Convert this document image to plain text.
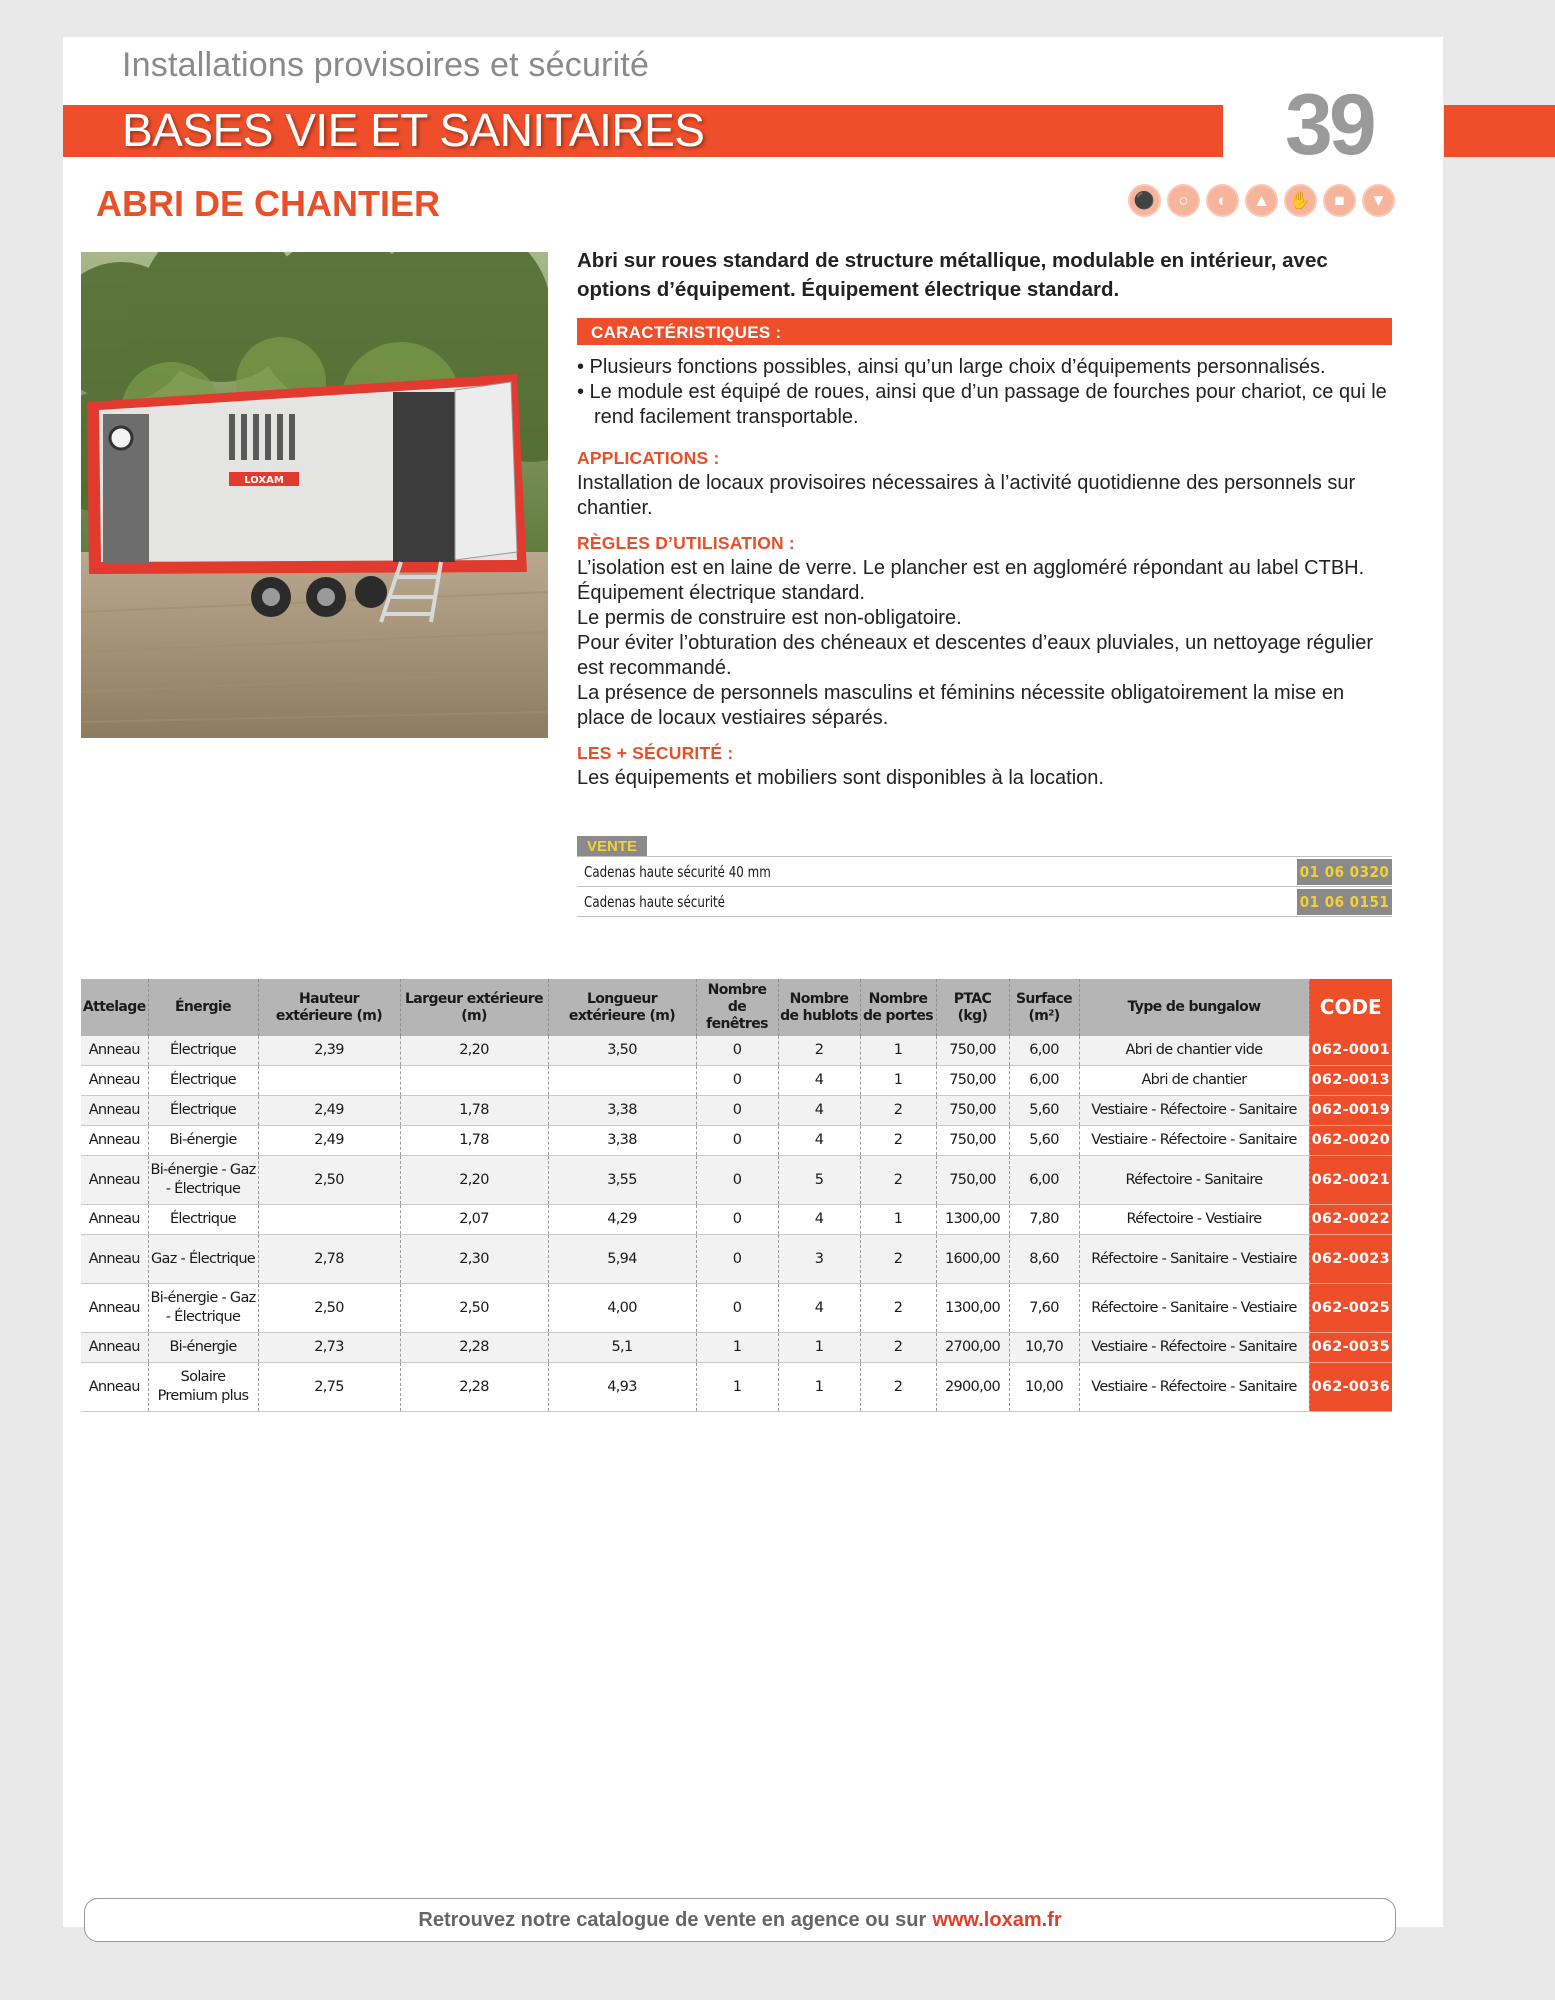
Installations provisoires et sécurité
BASES VIE ET SANITAIRES	39
ABRI DE CHANTIER	⚫	○	◐	▲	✋	■	▼
LOXAM

Abri sur roues standard de structure métallique, modulable en intérieur, avec options d’équipement. Équipement électrique standard.

CARACTÉRISTIQUES :

• Plusieurs fonctions possibles, ainsi qu’un large choix d’équipements personnalisés.

• Le module est équipé de roues, ainsi que d’un passage de fourches pour chariot, ce qui le rend facilement transportable.

APPLICATIONS :

Installation de locaux provisoires nécessaires à l’activité quotidienne des personnels sur chantier.

RÈGLES D’UTILISATION :

L’isolation est en laine de verre. Le plancher est en aggloméré répondant au label CTBH.

Équipement électrique standard.

Le permis de construire est non-obligatoire.

Pour éviter l’obturation des chéneaux et descentes d’eaux pluviales, un nettoyage régulier est recommandé.

La présence de personnels masculins et féminins nécessite obligatoirement la mise en place de locaux vestiaires séparés.

LES + SÉCURITÉ :

Les équipements et mobiliers sont disponibles à la location.

VENTE
Cadenas haute sécurité 40 mm	01 06 0320
Cadenas haute sécurité	01 06 0151
Attelage	Énergie	Hauteur extérieure (m)	Largeur extérieure (m)	Longueur extérieure (m)	Nombre de fenêtres	Nombre de hublots	Nombre de portes	PTAC (kg)	Surface (m²)	Type de bungalow	CODE
Anneau	Électrique	2,39	2,20	3,50	0	2	1	750,00	6,00	Abri de chantier vide	062-0001
Anneau	Électrique				0	4	1	750,00	6,00	Abri de chantier	062-0013
Anneau	Électrique	2,49	1,78	3,38	0	4	2	750,00	5,60	Vestiaire - Réfectoire - Sanitaire	062-0019
Anneau	Bi-énergie	2,49	1,78	3,38	0	4	2	750,00	5,60	Vestiaire - Réfectoire - Sanitaire	062-0020
Anneau	Bi-énergie - Gaz - Électrique	2,50	2,20	3,55	0	5	2	750,00	6,00	Réfectoire - Sanitaire	062-0021
Anneau	Électrique		2,07	4,29	0	4	1	1300,00	7,80	Réfectoire - Vestiaire	062-0022
Anneau	Gaz - Électrique	2,78	2,30	5,94	0	3	2	1600,00	8,60	Réfectoire - Sanitaire - Vestiaire	062-0023
Anneau	Bi-énergie - Gaz - Électrique	2,50	2,50	4,00	0	4	2	1300,00	7,60	Réfectoire - Sanitaire - Vestiaire	062-0025
Anneau	Bi-énergie	2,73	2,28	5,1	1	1	2	2700,00	10,70	Vestiaire - Réfectoire - Sanitaire	062-0035
Anneau	Solaire Premium plus	2,75	2,28	4,93	1	1	2	2900,00	10,00	Vestiaire - Réfectoire - Sanitaire	062-0036
Retrouvez notre catalogue de vente en agence ou sur www.loxam.fr
